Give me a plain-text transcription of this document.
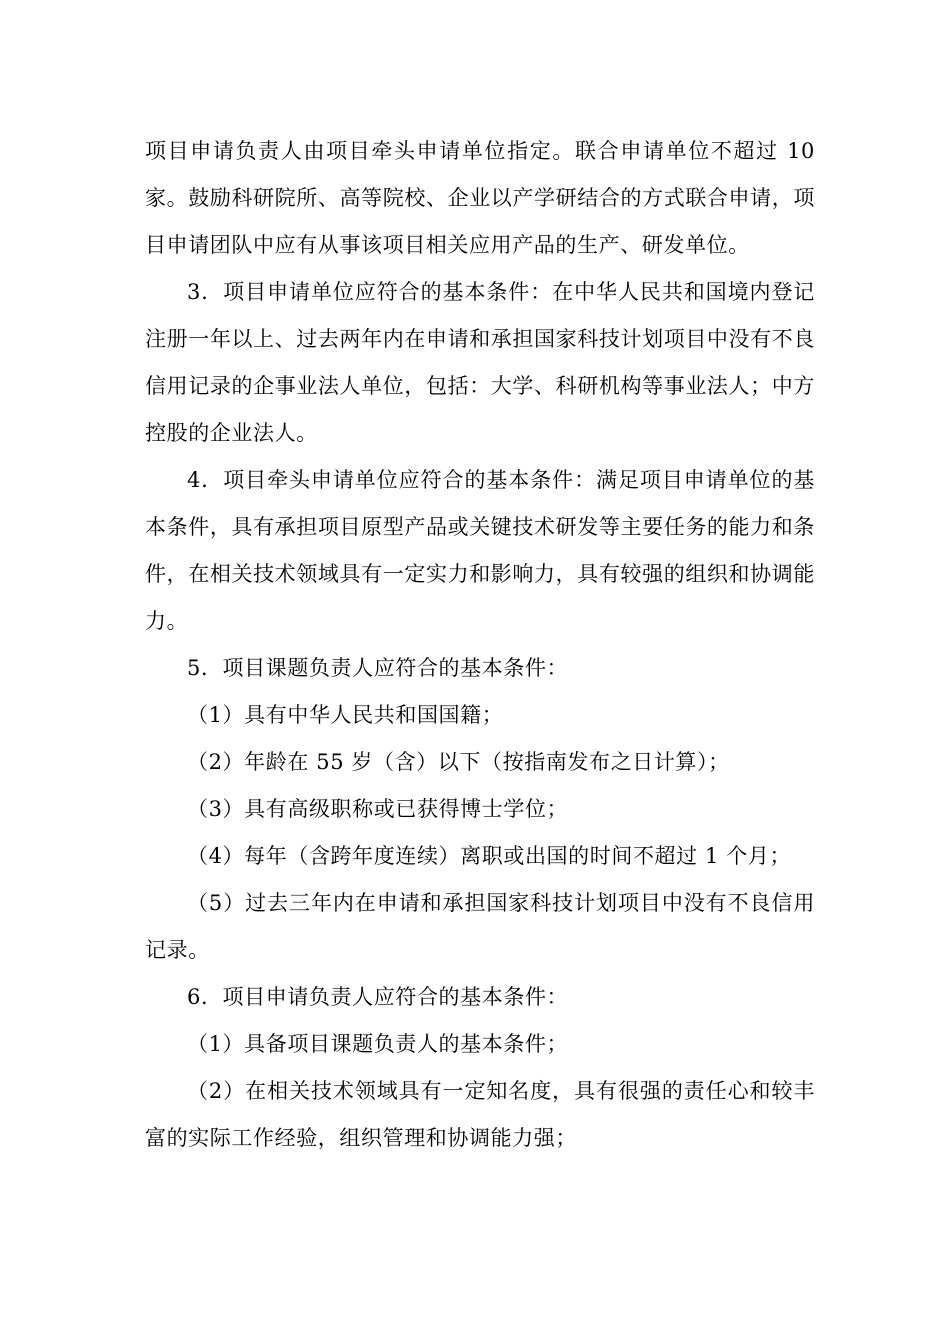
项目申请负责人由项目牵头申请单位指定。联合申请单位不超过 10 家。鼓励科研院所、高等院校、企业以产学研结合的方式联合申请，项目申请团队中应有从事该项目相关应用产品的生产、研发单位。

3．项目申请单位应符合的基本条件：在中华人民共和国境内登记注册一年以上、过去两年内在申请和承担国家科技计划项目中没有不良信用记录的企事业法人单位，包括：大学、科研机构等事业法人；中方控股的企业法人。

4．项目牵头申请单位应符合的基本条件：满足项目申请单位的基本条件，具有承担项目原型产品或关键技术研发等主要任务的能力和条件，在相关技术领域具有一定实力和影响力，具有较强的组织和协调能力。

5．项目课题负责人应符合的基本条件：

（1）具有中华人民共和国国籍；

（2）年龄在 55 岁（含）以下（按指南发布之日计算）；

（3）具有高级职称或已获得博士学位；

（4）每年（含跨年度连续）离职或出国的时间不超过 1 个月；

（5）过去三年内在申请和承担国家科技计划项目中没有不良信用记录。

6．项目申请负责人应符合的基本条件：

（1）具备项目课题负责人的基本条件；

（2）在相关技术领域具有一定知名度，具有很强的责任心和较丰富的实际工作经验，组织管理和协调能力强；
